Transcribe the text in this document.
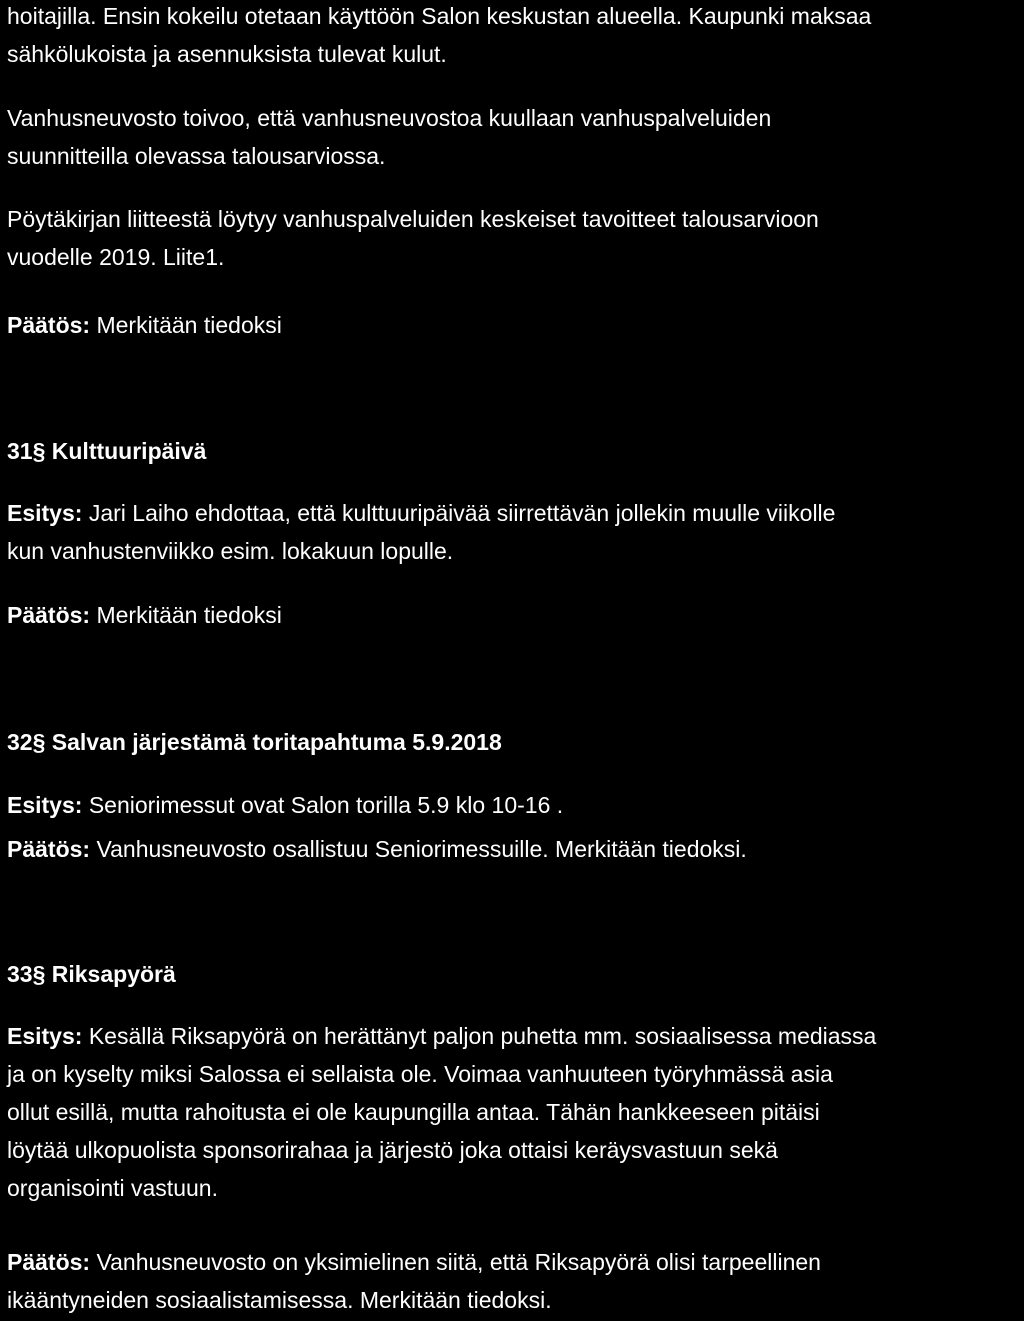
hoitajilla. Ensin kokeilu otetaan käyttöön Salon keskustan alueella. Kaupunki maksaa
sähkölukoista ja asennuksista tulevat kulut.

Vanhusneuvosto toivoo, että vanhusneuvostoa kuullaan vanhuspalveluiden
suunnitteilla olevassa talousarviossa.

Pöytäkirjan liitteestä löytyy vanhuspalveluiden keskeiset tavoitteet talousarvioon
vuodelle 2019. Liite1.

Päätös: Merkitään tiedoksi

31§ Kulttuuripäivä

Esitys: Jari Laiho ehdottaa, että kulttuuripäivää siirrettävän jollekin muulle viikolle
kun vanhustenviikko esim. lokakuun lopulle.

Päätös: Merkitään tiedoksi

32§ Salvan järjestämä toritapahtuma 5.9.2018

Esitys: Seniorimessut ovat Salon torilla 5.9 klo 10-16 .

Päätös: Vanhusneuvosto osallistuu Seniorimessuille. Merkitään tiedoksi.

33§ Riksapyörä

Esitys: Kesällä Riksapyörä on herättänyt paljon puhetta mm. sosiaalisessa mediassa
ja on kyselty miksi Salossa ei sellaista ole. Voimaa vanhuuteen työryhmässä asia
ollut esillä, mutta rahoitusta ei ole kaupungilla antaa. Tähän hankkeeseen pitäisi
löytää ulkopuolista sponsorirahaa ja järjestö joka ottaisi keräysvastuun sekä
organisointi vastuun.

Päätös: Vanhusneuvosto on yksimielinen siitä, että Riksapyörä olisi tarpeellinen
ikääntyneiden sosiaalistamisessa. Merkitään tiedoksi.
